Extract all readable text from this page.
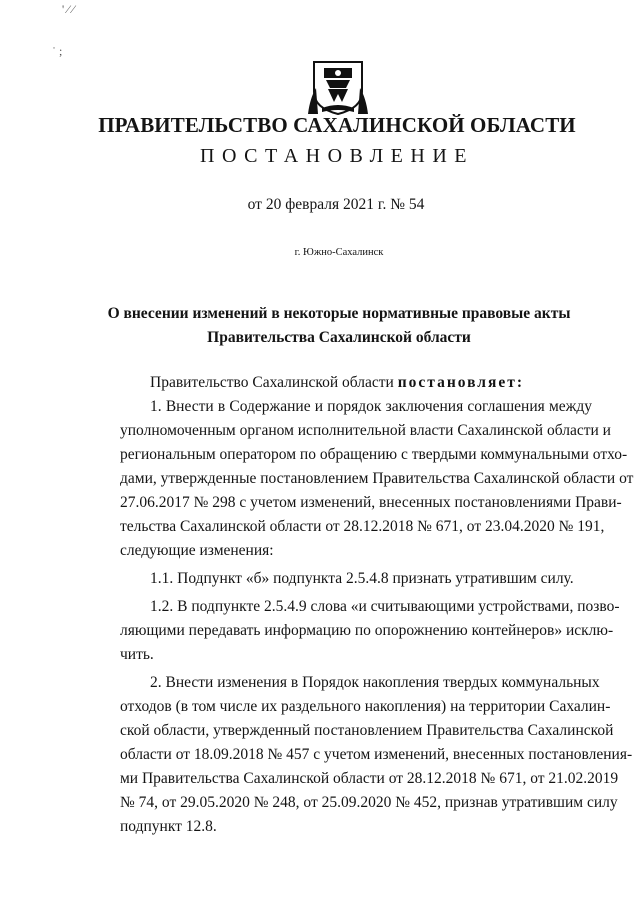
' ⁄ ⁄
˙ ;
ПРАВИТЕЛЬСТВО САХАЛИНСКОЙ ОБЛАСТИ
ПОСТАНОВЛЕНИЕ
от 20 февраля 2021 г. № 54
г. Южно-Сахалинск
О внесении изменений в некоторые нормативные правовые акты
Правительства Сахалинской области
Правительство Сахалинской области постановляет:
1. Внести в Содержание и порядок заключения соглашения между
уполномоченным органом исполнительной власти Сахалинской области и
региональным оператором по обращению с твердыми коммунальными отхо-
дами, утвержденные постановлением Правительства Сахалинской области от
27.06.2017 № 298 с учетом изменений, внесенных постановлениями Прави-
тельства Сахалинской области от 28.12.2018 № 671, от 23.04.2020 № 191,
следующие изменения:
1.1. Подпункт «б» подпункта 2.5.4.8 признать утратившим силу.
1.2. В подпункте 2.5.4.9 слова «и считывающими устройствами, позво-
ляющими передавать информацию по опорожнению контейнеров» исклю-
чить.
2. Внести изменения в Порядок накопления твердых коммунальных
отходов (в том числе их раздельного накопления) на территории Сахалин-
ской области, утвержденный постановлением Правительства Сахалинской
области от 18.09.2018 № 457 с учетом изменений, внесенных постановления-
ми Правительства Сахалинской области от 28.12.2018 № 671, от 21.02.2019
№ 74, от 29.05.2020 № 248, от 25.09.2020 № 452, признав утратившим силу
подпункт 12.8.
